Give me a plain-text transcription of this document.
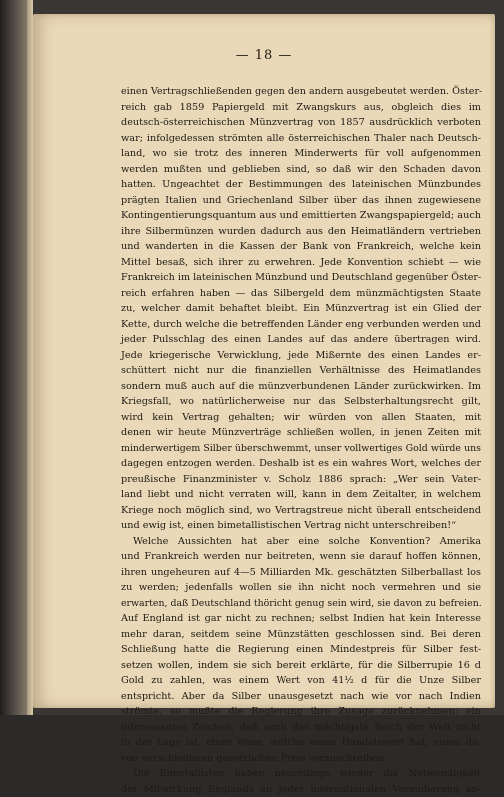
— 18 —
einen Vertragschließenden gegen den andern ausgebeutet werden. Öster-
reich gab 1859 Papiergeld mit Zwangskurs aus, obgleich dies im
deutsch-österreichischen Münzvertrag von 1857 ausdrücklich verboten
war; infolgedessen strömten alle österreichischen Thaler nach Deutsch-
land, wo sie trotz des inneren Minderwerts für voll aufgenommen
werden mußten und geblieben sind, so daß wir den Schaden davon
hatten. Ungeachtet der Bestimmungen des lateinischen Münzbundes
prägten Italien und Griechenland Silber über das ihnen zugewiesene
Kontingentierungsquantum aus und emittierten Zwangspapiergeld; auch
ihre Silbermünzen wurden dadurch aus den Heimatländern vertrieben
und wanderten in die Kassen der Bank von Frankreich, welche kein
Mittel besaß, sich ihrer zu erwehren. Jede Konvention schiebt — wie
Frankreich im lateinischen Münzbund und Deutschland gegenüber Öster-
reich erfahren haben — das Silbergeld dem münzmächtigsten Staate
zu, welcher damit behaftet bleibt. Ein Münzvertrag ist ein Glied der
Kette, durch welche die betreffenden Länder eng verbunden werden und
jeder Pulsschlag des einen Landes auf das andere übertragen wird.
Jede kriegerische Verwicklung, jede Mißernte des einen Landes er-
schüttert nicht nur die finanziellen Verhältnisse des Heimatlandes
sondern muß auch auf die münzverbundenen Länder zurückwirken. Im
Kriegsfall, wo natürlicherweise nur das Selbsterhaltungsrecht gilt,
wird kein Vertrag gehalten; wir würden von allen Staaten, mit
denen wir heute Münzverträge schließen wollen, in jenen Zeiten mit
minderwertigem Silber überschwemmt, unser vollwertiges Gold würde uns
dagegen entzogen werden. Deshalb ist es ein wahres Wort, welches der
preußische Finanzminister v. Scholz 1886 sprach: „Wer sein Vater-
land liebt und nicht verraten will, kann in dem Zeitalter, in welchem
Kriege noch möglich sind, wo Vertragstreue nicht überall entscheidend
und ewig ist, einen bimetallistischen Vertrag nicht unterschreiben!“
Welche Aussichten hat aber eine solche Konvention? Amerika
und Frankreich werden nur beitreten, wenn sie darauf hoffen können,
ihren ungeheuren auf 4—5 Milliarden Mk. geschätzten Silberballast los
zu werden; jedenfalls wollen sie ihn nicht noch vermehren und sie
erwarten, daß Deutschland thöricht genug sein wird, sie davon zu befreien.
Auf England ist gar nicht zu rechnen; selbst Indien hat kein Interesse
mehr daran, seitdem seine Münzstätten geschlossen sind. Bei deren
Schließung hatte die Regierung einen Mindestpreis für Silber fest-
setzen wollen, indem sie sich bereit erklärte, für die Silberrupie 16 d
Gold zu zahlen, was einem Wert von 41½ d für die Unze Silber
entspricht. Aber da Silber unausgesetzt nach wie vor nach Indien
strömte, so mußte die Regierung ihre Zusage zurücknehmen: ein
interessantes Zeichen, daß auch das mächtigste Reich der Welt nicht
in der Lage ist, einer Ware, welche einen Handelswert hat, einen da-
von verschiedenen gesetzlichen Preis vorzuschreiben.
Die Bimetallisten haben neuerdings wieder die Notwendigkeit
der Mitwirkung Englands an jeder internationalen Vereinbarung an-
